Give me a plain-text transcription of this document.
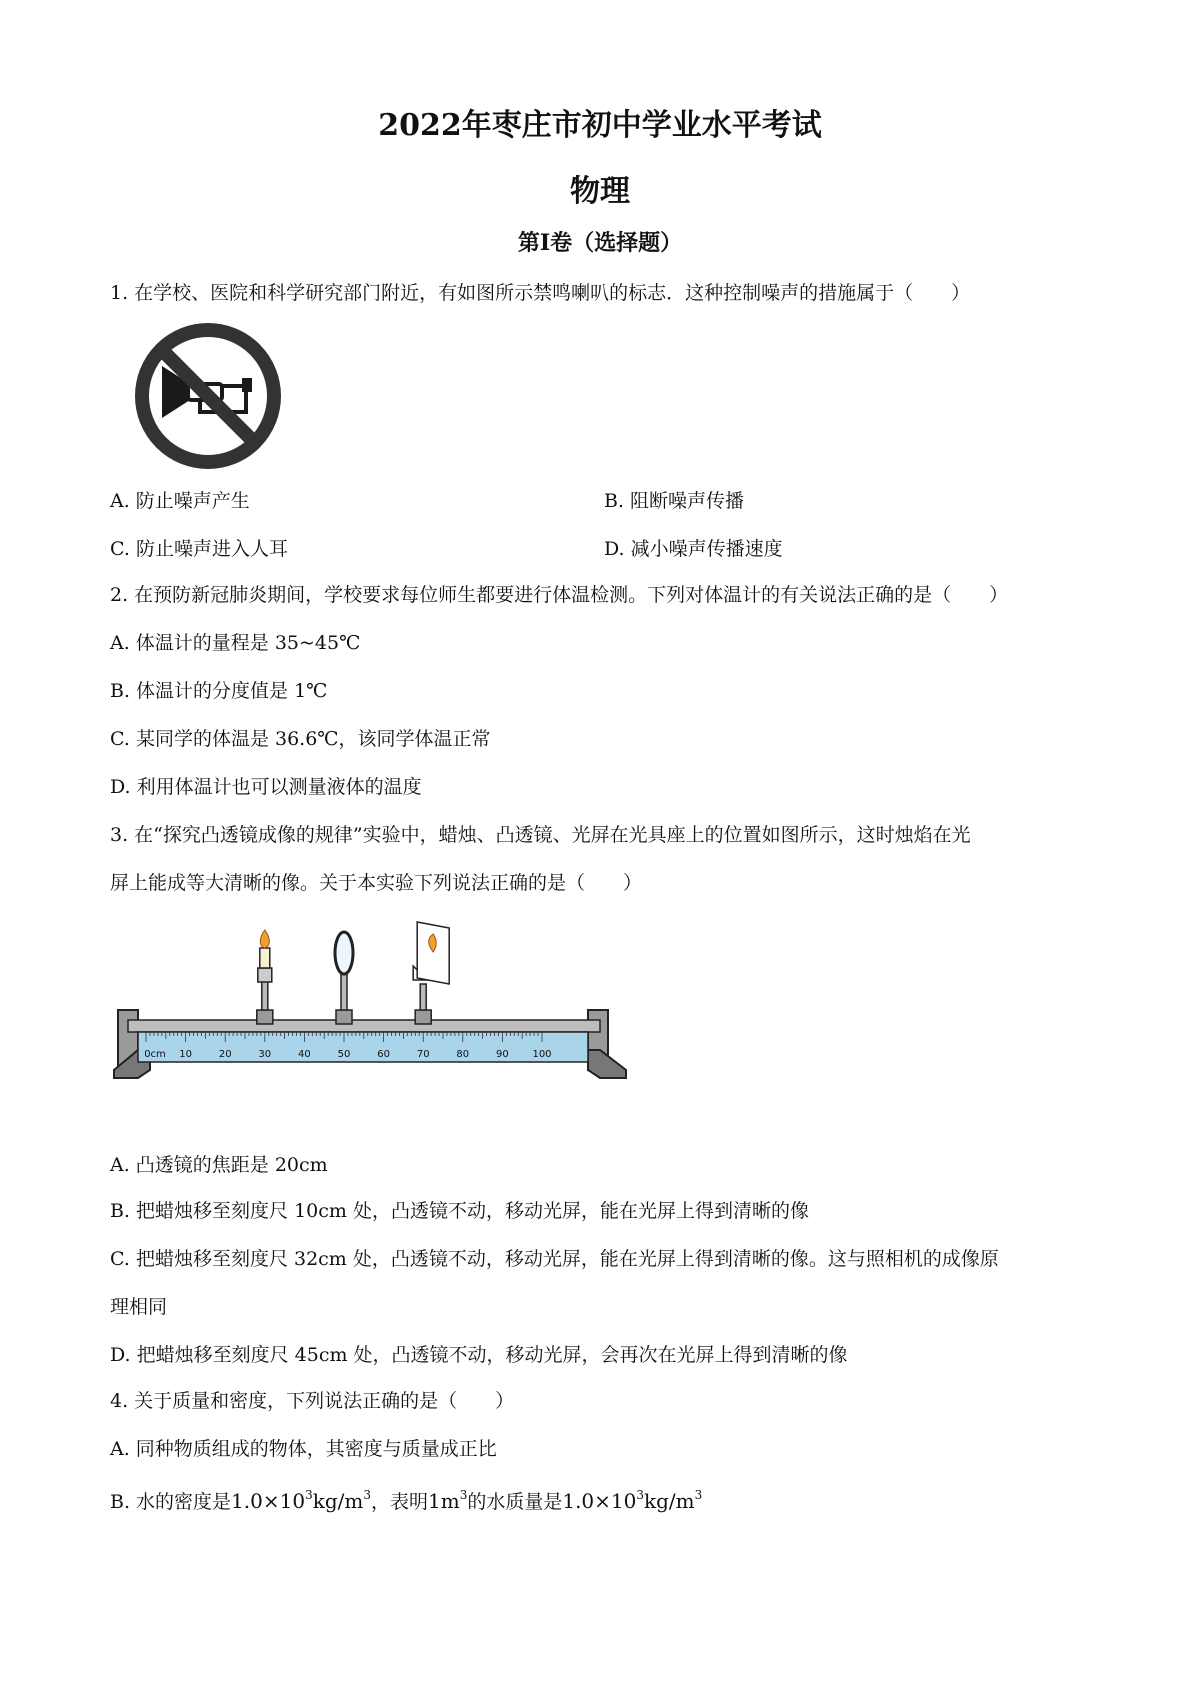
2022年枣庄市初中学业水平考试
物理
第I卷（选择题）
1. 在学校、医院和科学研究部门附近，有如图所示禁鸣喇叭的标志．这种控制噪声的措施属于（　　）
A. 防止噪声产生	B. 阻断噪声传播
C. 防止噪声进入人耳	D. 减小噪声传播速度
2. 在预防新冠肺炎期间，学校要求每位师生都要进行体温检测。下列对体温计的有关说法正确的是（　　）
A. 体温计的量程是 35~45℃
B. 体温计的分度值是 1℃
C. 某同学的体温是 36.6℃，该同学体温正常
D. 利用体温计也可以测量液体的温度
3. 在“探究凸透镜成像的规律”实验中，蜡烛、凸透镜、光屏在光具座上的位置如图所示，这时烛焰在光
屏上能成等大清晰的像。关于本实验下列说法正确的是（　　）
0cm 10	20	30	40	50	60	70	80	90 100
A. 凸透镜的焦距是 20cm
B. 把蜡烛移至刻度尺 10cm 处，凸透镜不动，移动光屏，能在光屏上得到清晰的像
C. 把蜡烛移至刻度尺 32cm 处，凸透镜不动，移动光屏，能在光屏上得到清晰的像。这与照相机的成像原
理相同
D. 把蜡烛移至刻度尺 45cm 处，凸透镜不动，移动光屏，会再次在光屏上得到清晰的像
4. 关于质量和密度，下列说法正确的是（　　）
A. 同种物质组成的物体，其密度与质量成正比
B. 水的密度是$1.0\times 10^3kg/m^3$，表明$1m^3$的水质量是$1.0\times 10^3kg/m^3$
